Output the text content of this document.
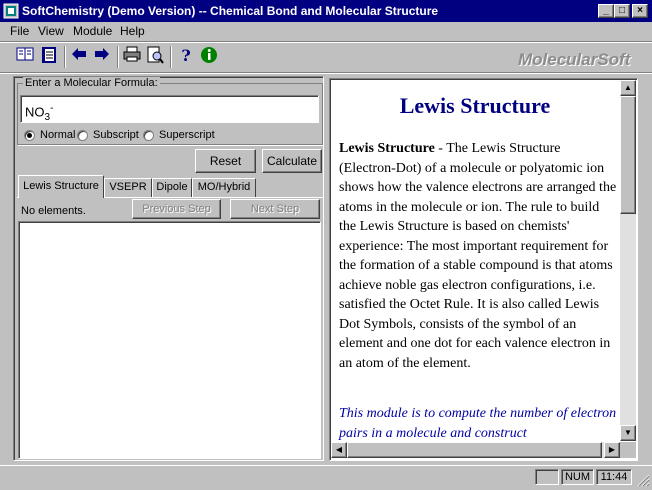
SoftChemistry (Demo Version) -- Chemical Bond and Molecular Structure	_	□	×
File View Module Help
?	MolecularSoft
Enter a Molecular Formula:
$NO_3^-$
Normal Subscript Superscript
Reset	Calculate
Lewis Structure VSEPR Dipole MO/Hybrid
No elements.	Previous Step	Next Step
Lewis Structure
Lewis Structure - The Lewis Structure (Electron-Dot) of a molecule or polyatomic ion shows how the valence electrons are arranged the atoms in the molecule or ion. The rule to build the Lewis Structure is based on chemists' experience: The most important requirement for the formation of a stable compound is that atoms achieve noble gas electron configurations, i.e. satisfied the Octet Rule. It is also called Lewis Dot Symbols, consists of the symbol of an element and one dot for each valence electron in an atom of the element.
This module is to compute the number of electron pairs in a molecule and construct
▲
▼
◀	▶
NUM 11:44
